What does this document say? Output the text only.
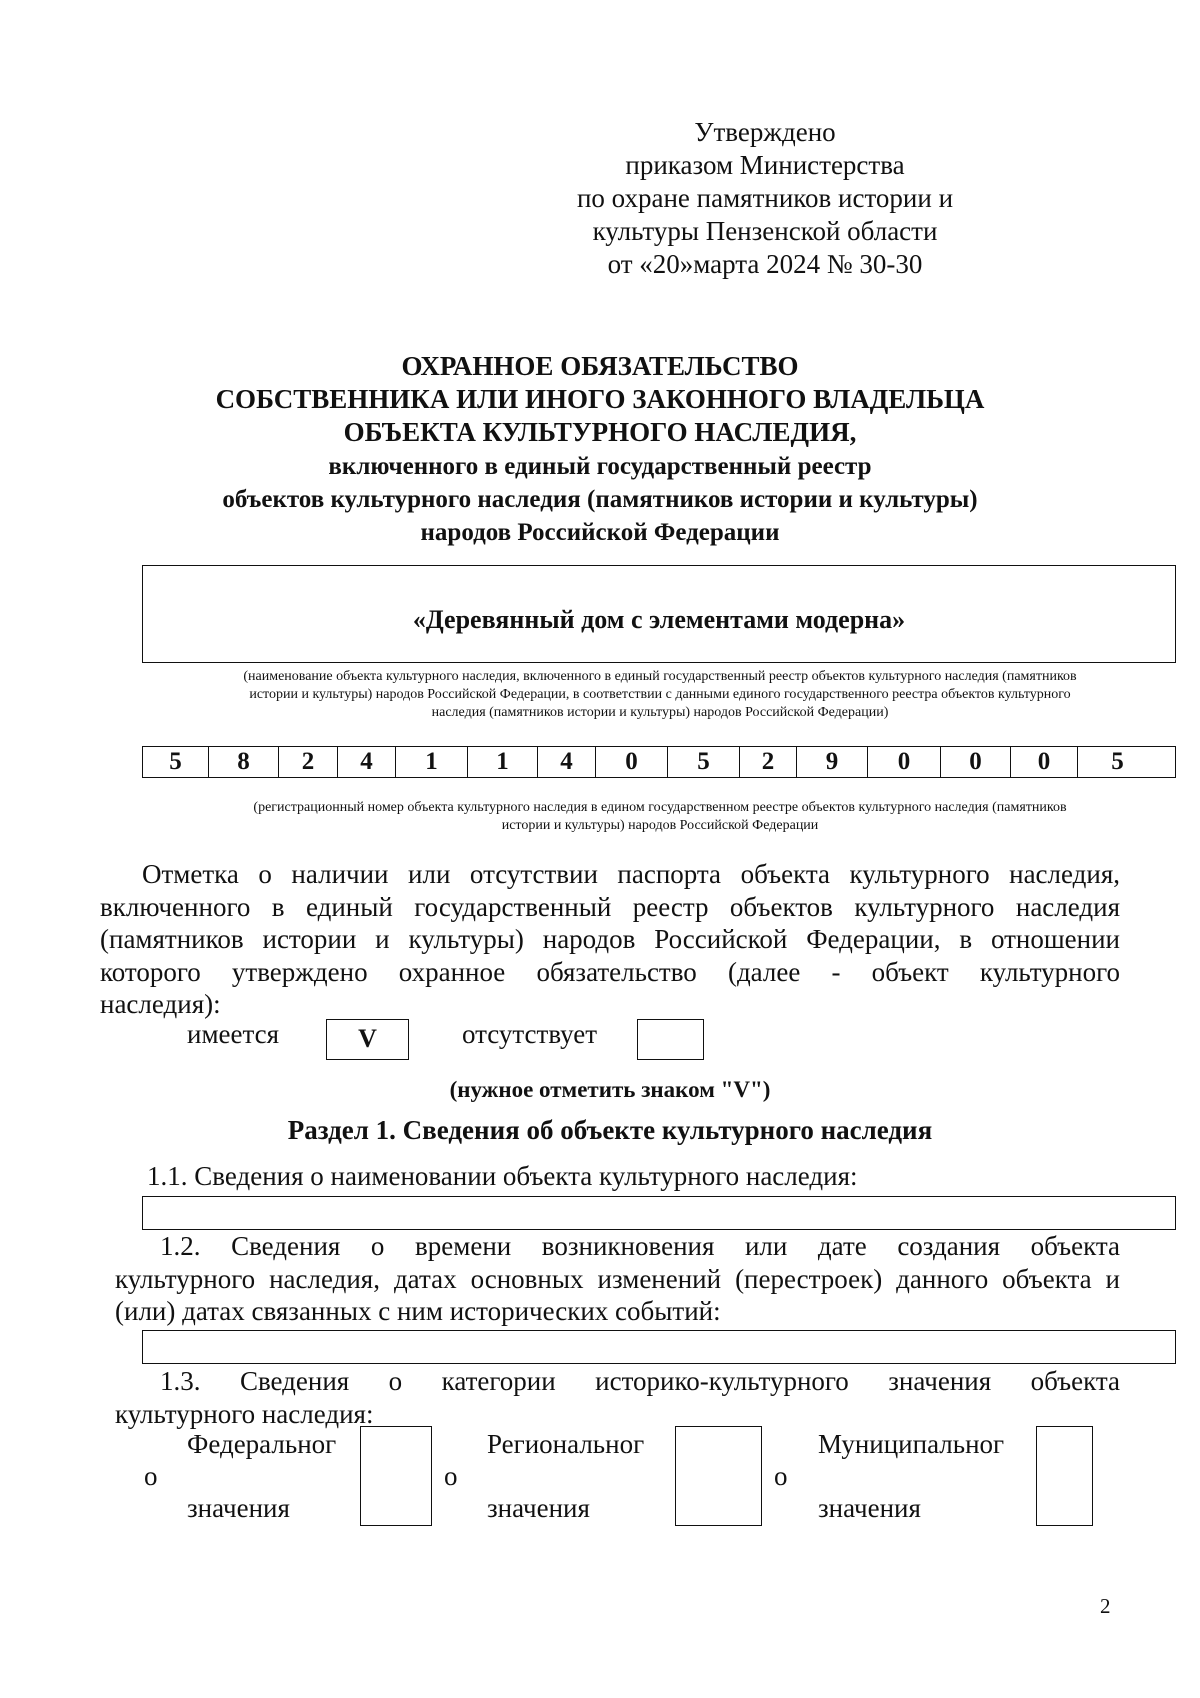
Утверждено
приказом Министерства
по охране памятников истории и
культуры Пензенской области
от «20»марта 2024 № 30-30
ОХРАННОЕ ОБЯЗАТЕЛЬСТВО
СОБСТВЕННИКА ИЛИ ИНОГО ЗАКОННОГО ВЛАДЕЛЬЦА
ОБЪЕКТА КУЛЬТУРНОГО НАСЛЕДИЯ,
включенного в единый государственный реестр
объектов культурного наследия (памятников истории и культуры)
народов Российской Федерации
«Деревянный дом с элементами модерна»
(наименование объекта культурного наследия, включенного в единый государственный реестр объектов культурного наследия (памятников
истории и культуры) народов Российской Федерации, в соответствии с данными единого государственного реестра объектов культурного
наследия (памятников истории и культуры) народов Российской Федерации)
5	8	2	4	1	1	4	0	5	2	9	0	0	0	5
(регистрационный номер объекта культурного наследия в едином государственном реестре объектов культурного наследия (памятников
истории и культуры) народов Российской Федерации
Отметка о наличии или отсутствии паспорта объекта культурного наследия,
включенного в единый государственный реестр объектов культурного наследия
(памятников истории и культуры) народов Российской Федерации, в отношении
которого утверждено охранное обязательство (далее - объект культурного
наследия):
имеется	V	отсутствует
(нужное отметить знаком "V")
Раздел 1. Сведения об объекте культурного наследия
1.1. Сведения о наименовании объекта культурного наследия:
1.2. Сведения о времени возникновения или дате создания объекта
культурного наследия, датах основных изменений (перестроек) данного объекта и
(или) датах связанных с ним исторических событий:
1.3. Сведения о категории историко-культурного значения объекта
культурного наследия:
Федеральног
о
значения
Региональног
о
значения
Муниципальног
о
значения
2
